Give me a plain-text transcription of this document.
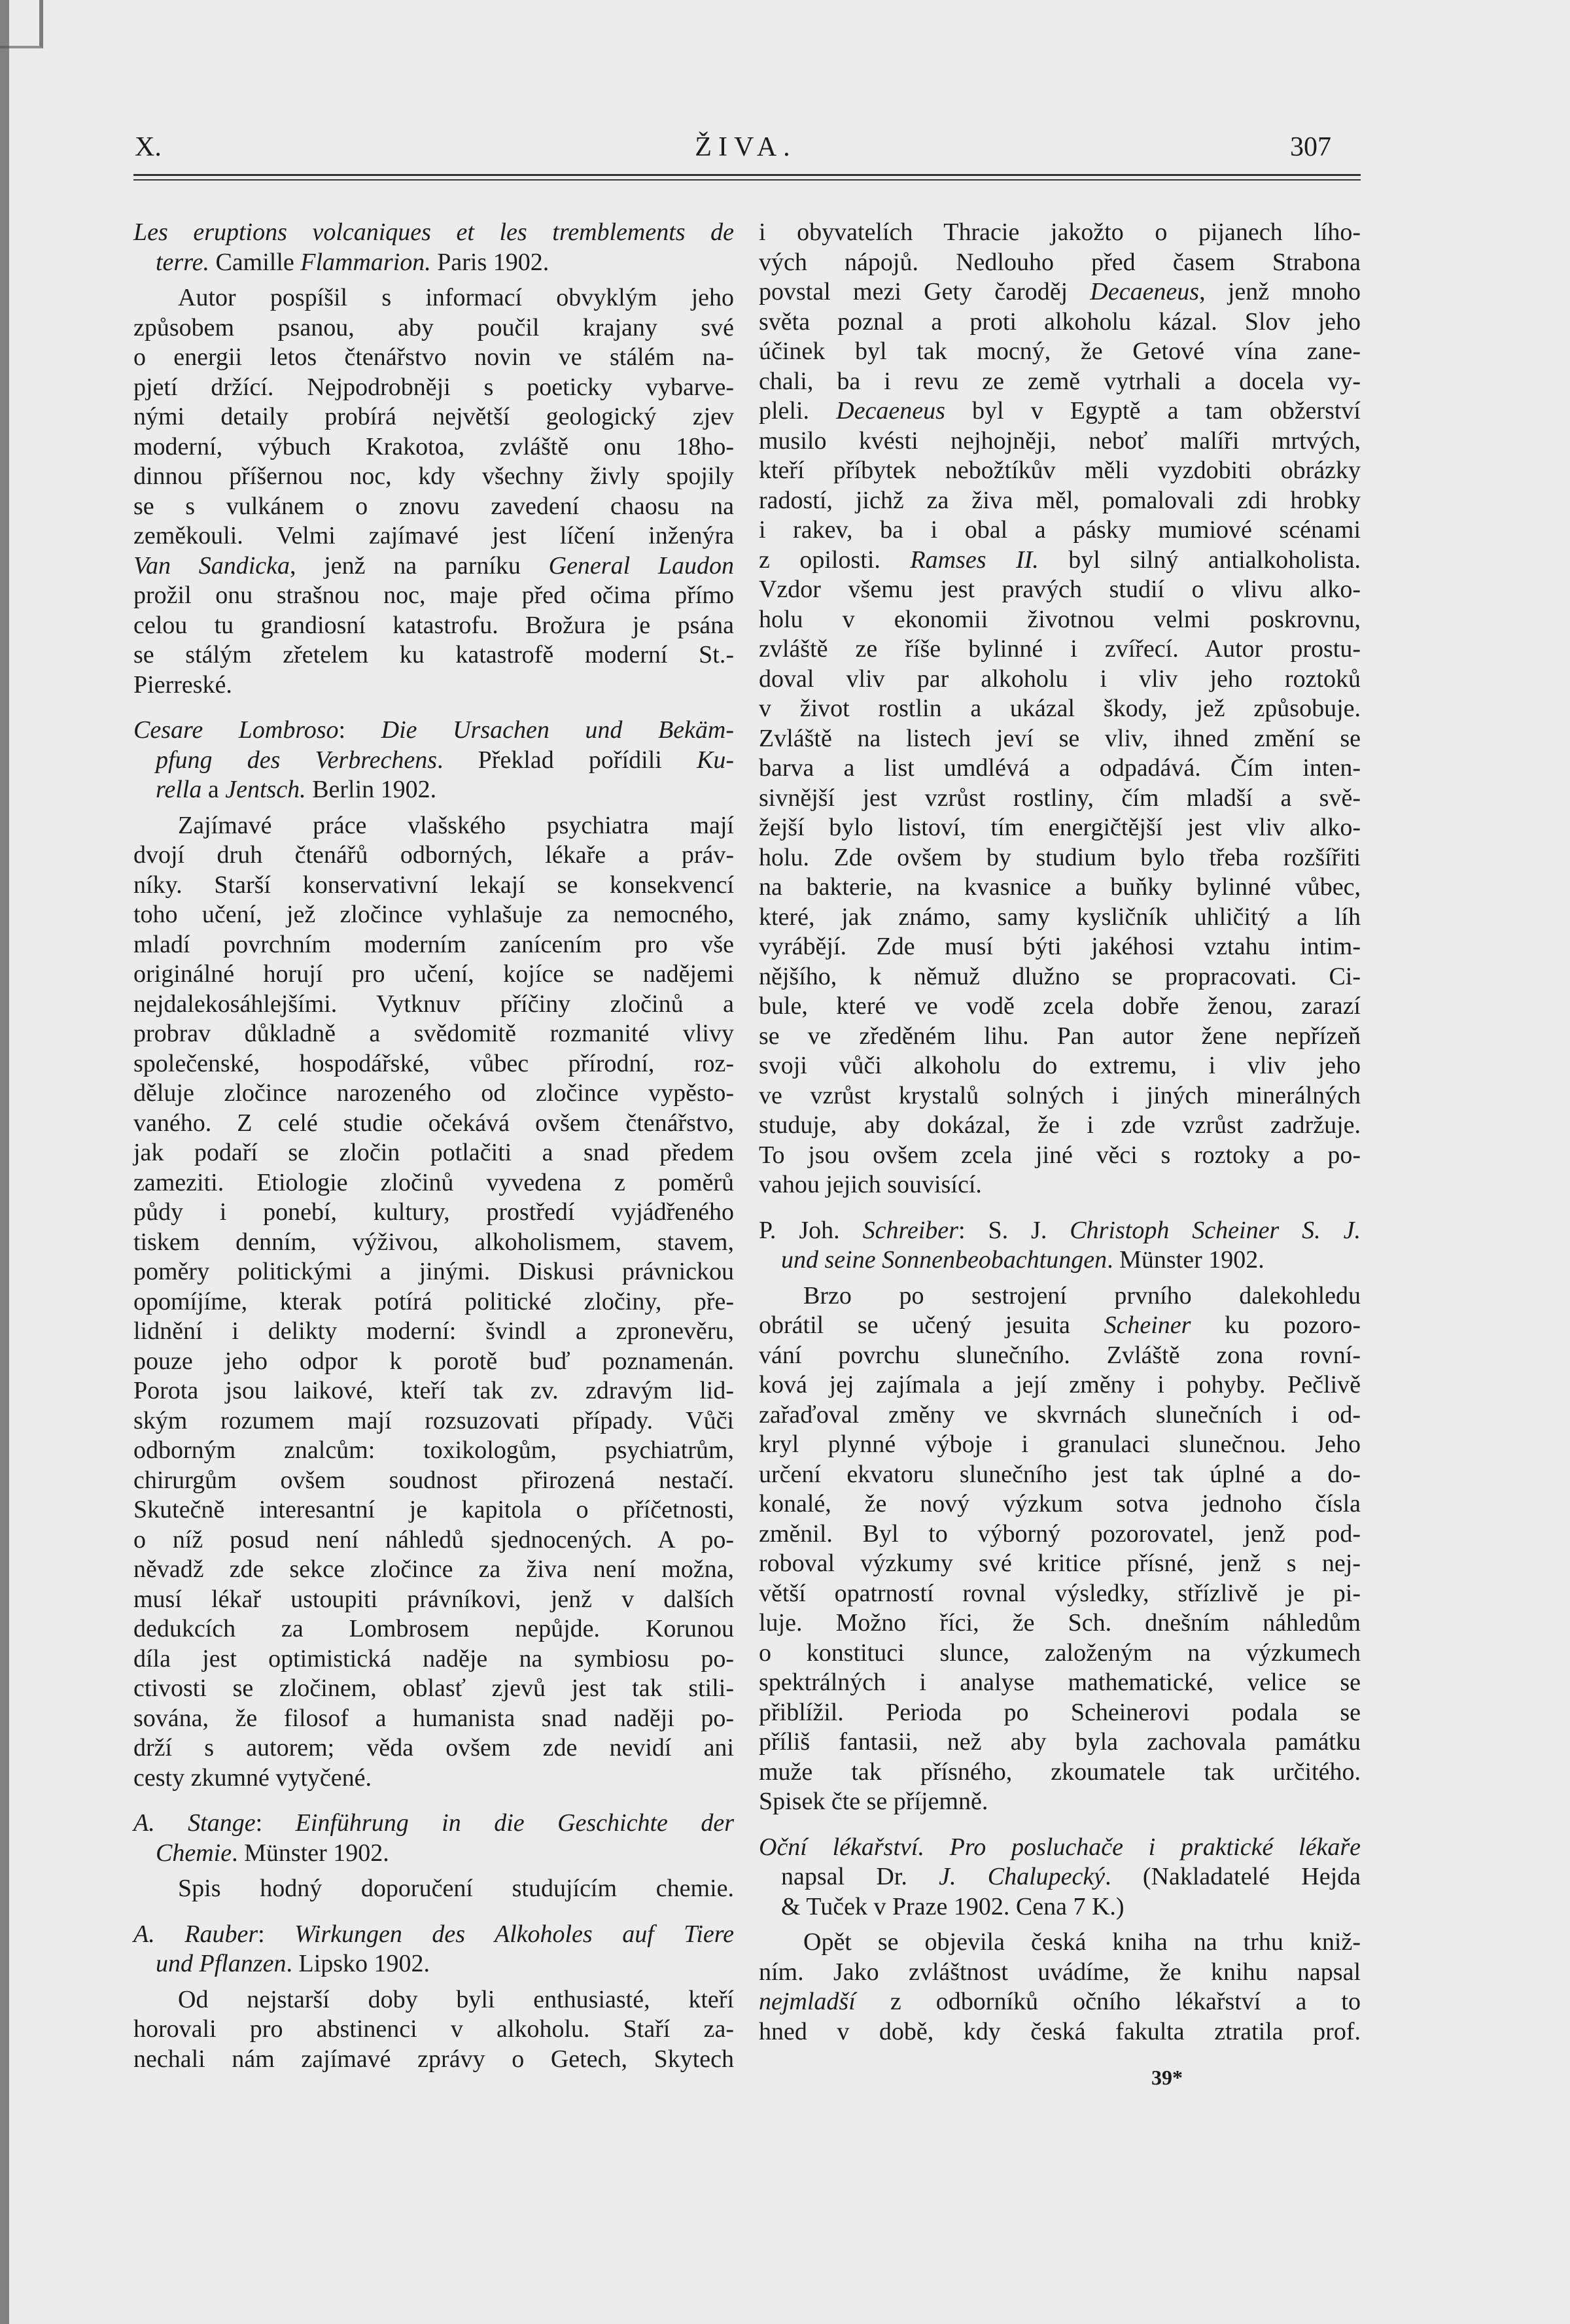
X.	ŽIVA.	307
Les eruptions volcaniques et les tremblements de
terre. Camille Flammarion. Paris 1902.
Autor pospíšil s informací obvyklým jeho
způsobem psanou, aby poučil krajany své
o energii letos čtenářstvo novin ve stálém na-
pjetí držící. Nejpodrobněji s poeticky vybarve-
nými detaily probírá největší geologický zjev
moderní, výbuch Krakotoa, zvláště onu 18ho-
dinnou příšernou noc, kdy všechny živly spojily
se s vulkánem o znovu zavedení chaosu na
zeměkouli. Velmi zajímavé jest líčení inženýra
Van Sandicka, jenž na parníku General Laudon
prožil onu strašnou noc, maje před očima přímo
celou tu grandiosní katastrofu. Brožura je psána
se stálým zřetelem ku katastrofě moderní St.-
Pierreské.
Cesare Lombroso: Die Ursachen und Bekäm-
pfung des Verbrechens. Překlad pořídili Ku-
rella a Jentsch. Berlin 1902.
Zajímavé práce vlašského psychiatra mají
dvojí druh čtenářů odborných, lékaře a práv-
níky. Starší konservativní lekají se konsekvencí
toho učení, jež zločince vyhlašuje za nemocného,
mladí povrchním moderním zanícením pro vše
originálné horují pro učení, kojíce se nadějemi
nejdalekosáhlejšími. Vytknuv příčiny zločinů a
probrav důkladně a svědomitě rozmanité vlivy
společenské, hospodářské, vůbec přírodní, roz-
děluje zločince narozeného od zločince vypěsto-
vaného. Z celé studie očekává ovšem čtenářstvo,
jak podaří se zločin potlačiti a snad předem
zameziti. Etiologie zločinů vyvedena z poměrů
půdy i ponebí, kultury, prostředí vyjádřeného
tiskem denním, výživou, alkoholismem, stavem,
poměry politickými a jinými. Diskusi právnickou
opomíjíme, kterak potírá politické zločiny, pře-
lidnění i delikty moderní: švindl a zpronevěru,
pouze jeho odpor k porotě buď poznamenán.
Porota jsou laikové, kteří tak zv. zdravým lid-
ským rozumem mají rozsuzovati případy. Vůči
odborným znalcům: toxikologům, psychiatrům,
chirurgům ovšem soudnost přirozená nestačí.
Skutečně interesantní je kapitola o příčetnosti,
o níž posud není náhledů sjednocených. A po-
něvadž zde sekce zločince za živa není možna,
musí lékař ustoupiti právníkovi, jenž v dalších
dedukcích za Lombrosem nepůjde. Korunou
díla jest optimistická naděje na symbiosu po-
ctivosti se zločinem, oblasť zjevů jest tak stili-
sována, že filosof a humanista snad naději po-
drží s autorem; věda ovšem zde nevidí ani
cesty zkumné vytyčené.
A. Stange: Einführung in die Geschichte der
Chemie. Münster 1902.
Spis hodný doporučení studujícím chemie.
A. Rauber: Wirkungen des Alkoholes auf Tiere
und Pflanzen. Lipsko 1902.
Od nejstarší doby byli enthusiasté, kteří
horovali pro abstinenci v alkoholu. Staří za-
nechali nám zajímavé zprávy o Getech, Skytech
i obyvatelích Thracie jakožto o pijanech lího-
vých nápojů. Nedlouho před časem Strabona
povstal mezi Gety čaroděj Decaeneus, jenž mnoho
světa poznal a proti alkoholu kázal. Slov jeho
účinek byl tak mocný, že Getové vína zane-
chali, ba i revu ze země vytrhali a docela vy-
pleli. Decaeneus byl v Egyptě a tam obžerství
musilo kvésti nejhojněji, neboť malíři mrtvých,
kteří příbytek nebožtíkův měli vyzdobiti obrázky
radostí, jichž za živa měl, pomalovali zdi hrobky
i rakev, ba i obal a pásky mumiové scénami
z opilosti. Ramses II. byl silný antialkoholista.
Vzdor všemu jest pravých studií o vlivu alko-
holu v ekonomii životnou velmi poskrovnu,
zvláště ze říše bylinné i zvířecí. Autor prostu-
doval vliv par alkoholu i vliv jeho roztoků
v život rostlin a ukázal škody, jež způsobuje.
Zvláště na listech jeví se vliv, ihned změní se
barva a list umdlévá a odpadává. Čím inten-
sivnější jest vzrůst rostliny, čím mladší a svě-
žejší bylo listoví, tím energičtější jest vliv alko-
holu. Zde ovšem by studium bylo třeba rozšířiti
na bakterie, na kvasnice a buňky bylinné vůbec,
které, jak známo, samy kysličník uhličitý a líh
vyrábějí. Zde musí býti jakéhosi vztahu intim-
nějšího, k němuž dlužno se propracovati. Ci-
bule, které ve vodě zcela dobře ženou, zarazí
se ve zředěném lihu. Pan autor žene nepřízeň
svoji vůči alkoholu do extremu, i vliv jeho
ve vzrůst krystalů solných i jiných minerálných
studuje, aby dokázal, že i zde vzrůst zadržuje.
To jsou ovšem zcela jiné věci s roztoky a po-
vahou jejich souvisící.
P. Joh. Schreiber: S. J. Christoph Scheiner S. J.
und seine Sonnenbeobachtungen. Münster 1902.
Brzo po sestrojení prvního dalekohledu
obrátil se učený jesuita Scheiner ku pozoro-
vání povrchu slunečního. Zvláště zona rovní-
ková jej zajímala a její změny i pohyby. Pečlivě
zařaďoval změny ve skvrnách slunečních i od-
kryl plynné výboje i granulaci slunečnou. Jeho
určení ekvatoru slunečního jest tak úplné a do-
konalé, že nový výzkum sotva jednoho čísla
změnil. Byl to výborný pozorovatel, jenž pod-
roboval výzkumy své kritice přísné, jenž s nej-
větší opatrností rovnal výsledky, střízlivě je pi-
luje. Možno říci, že Sch. dnešním náhledům
o konstituci slunce, založeným na výzkumech
spektrálných i analyse mathematické, velice se
přiblížil. Perioda po Scheinerovi podala se
příliš fantasii, než aby byla zachovala památku
muže tak přísného, zkoumatele tak určitého.
Spisek čte se příjemně.
Oční lékařství. Pro posluchače i praktické lékaře
napsal Dr. J. Chalupecký. (Nakladatelé Hejda
& Tuček v Praze 1902. Cena 7 K.)
Opět se objevila česká kniha na trhu kniž-
ním. Jako zvláštnost uvádíme, že knihu napsal
nejmladší z odborníků očního lékařství a to
hned v době, kdy česká fakulta ztratila prof.
39*
